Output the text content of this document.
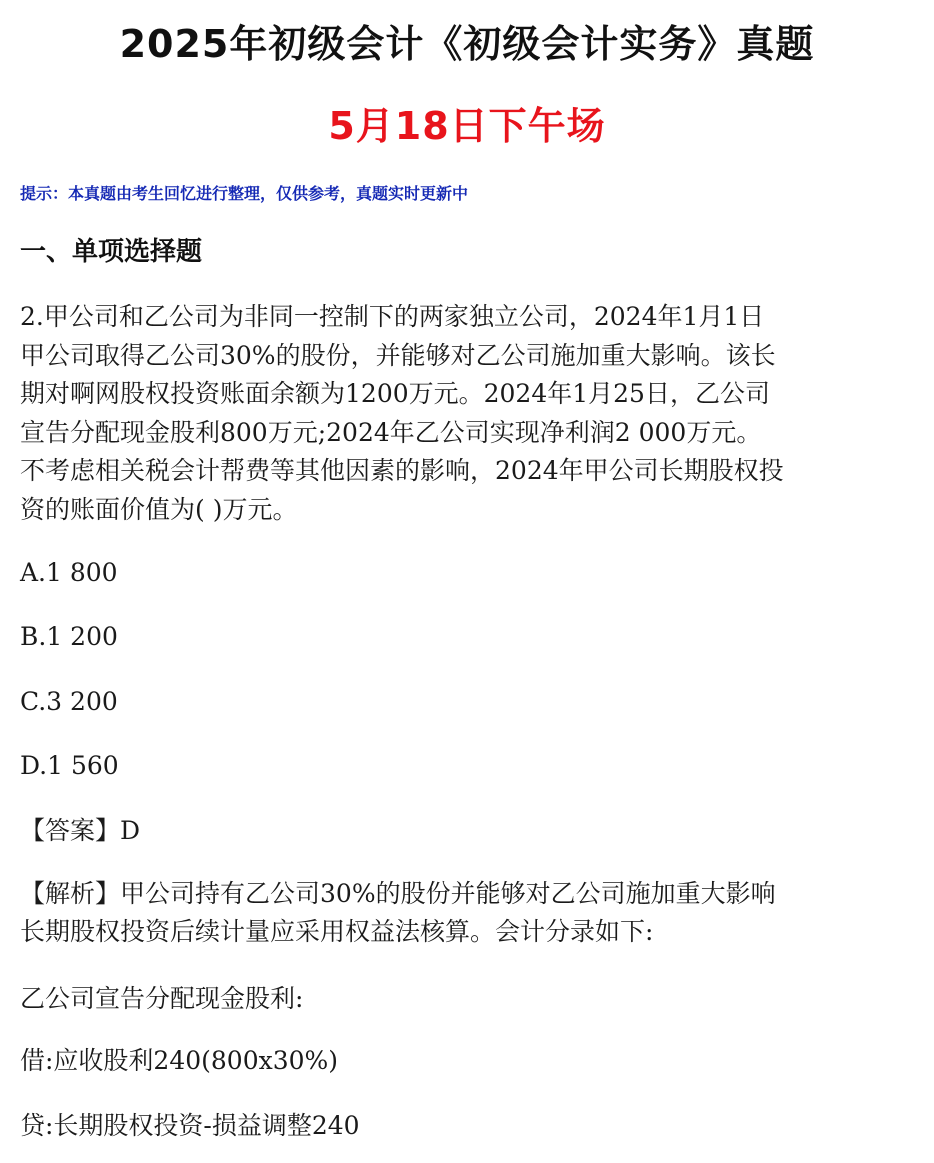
2025年初级会计《初级会计实务》真题
5月18日下午场
提示：本真题由考生回忆进行整理，仅供参考，真题实时更新中
一、单项选择题
2.甲公司和乙公司为非同一控制下的两家独立公司，2024年1月1日
甲公司取得乙公司30%的股份，并能够对乙公司施加重大影响。该长
期对啊网股权投资账面余额为1200万元。2024年1月25日，乙公司
宣告分配现金股利800万元;2024年乙公司实现净利润2 000万元。
不考虑相关税会计帮费等其他因素的影响，2024年甲公司长期股权投
资的账面价值为( )万元。
A.1 800
B.1 200
C.3 200
D.1 560
【答案】D
【解析】甲公司持有乙公司30%的股份并能够对乙公司施加重大影响
长期股权投资后续计量应采用权益法核算。会计分录如下:
乙公司宣告分配现金股利:
借:应收股利240(800x30%)
贷:长期股权投资-损益调整240
